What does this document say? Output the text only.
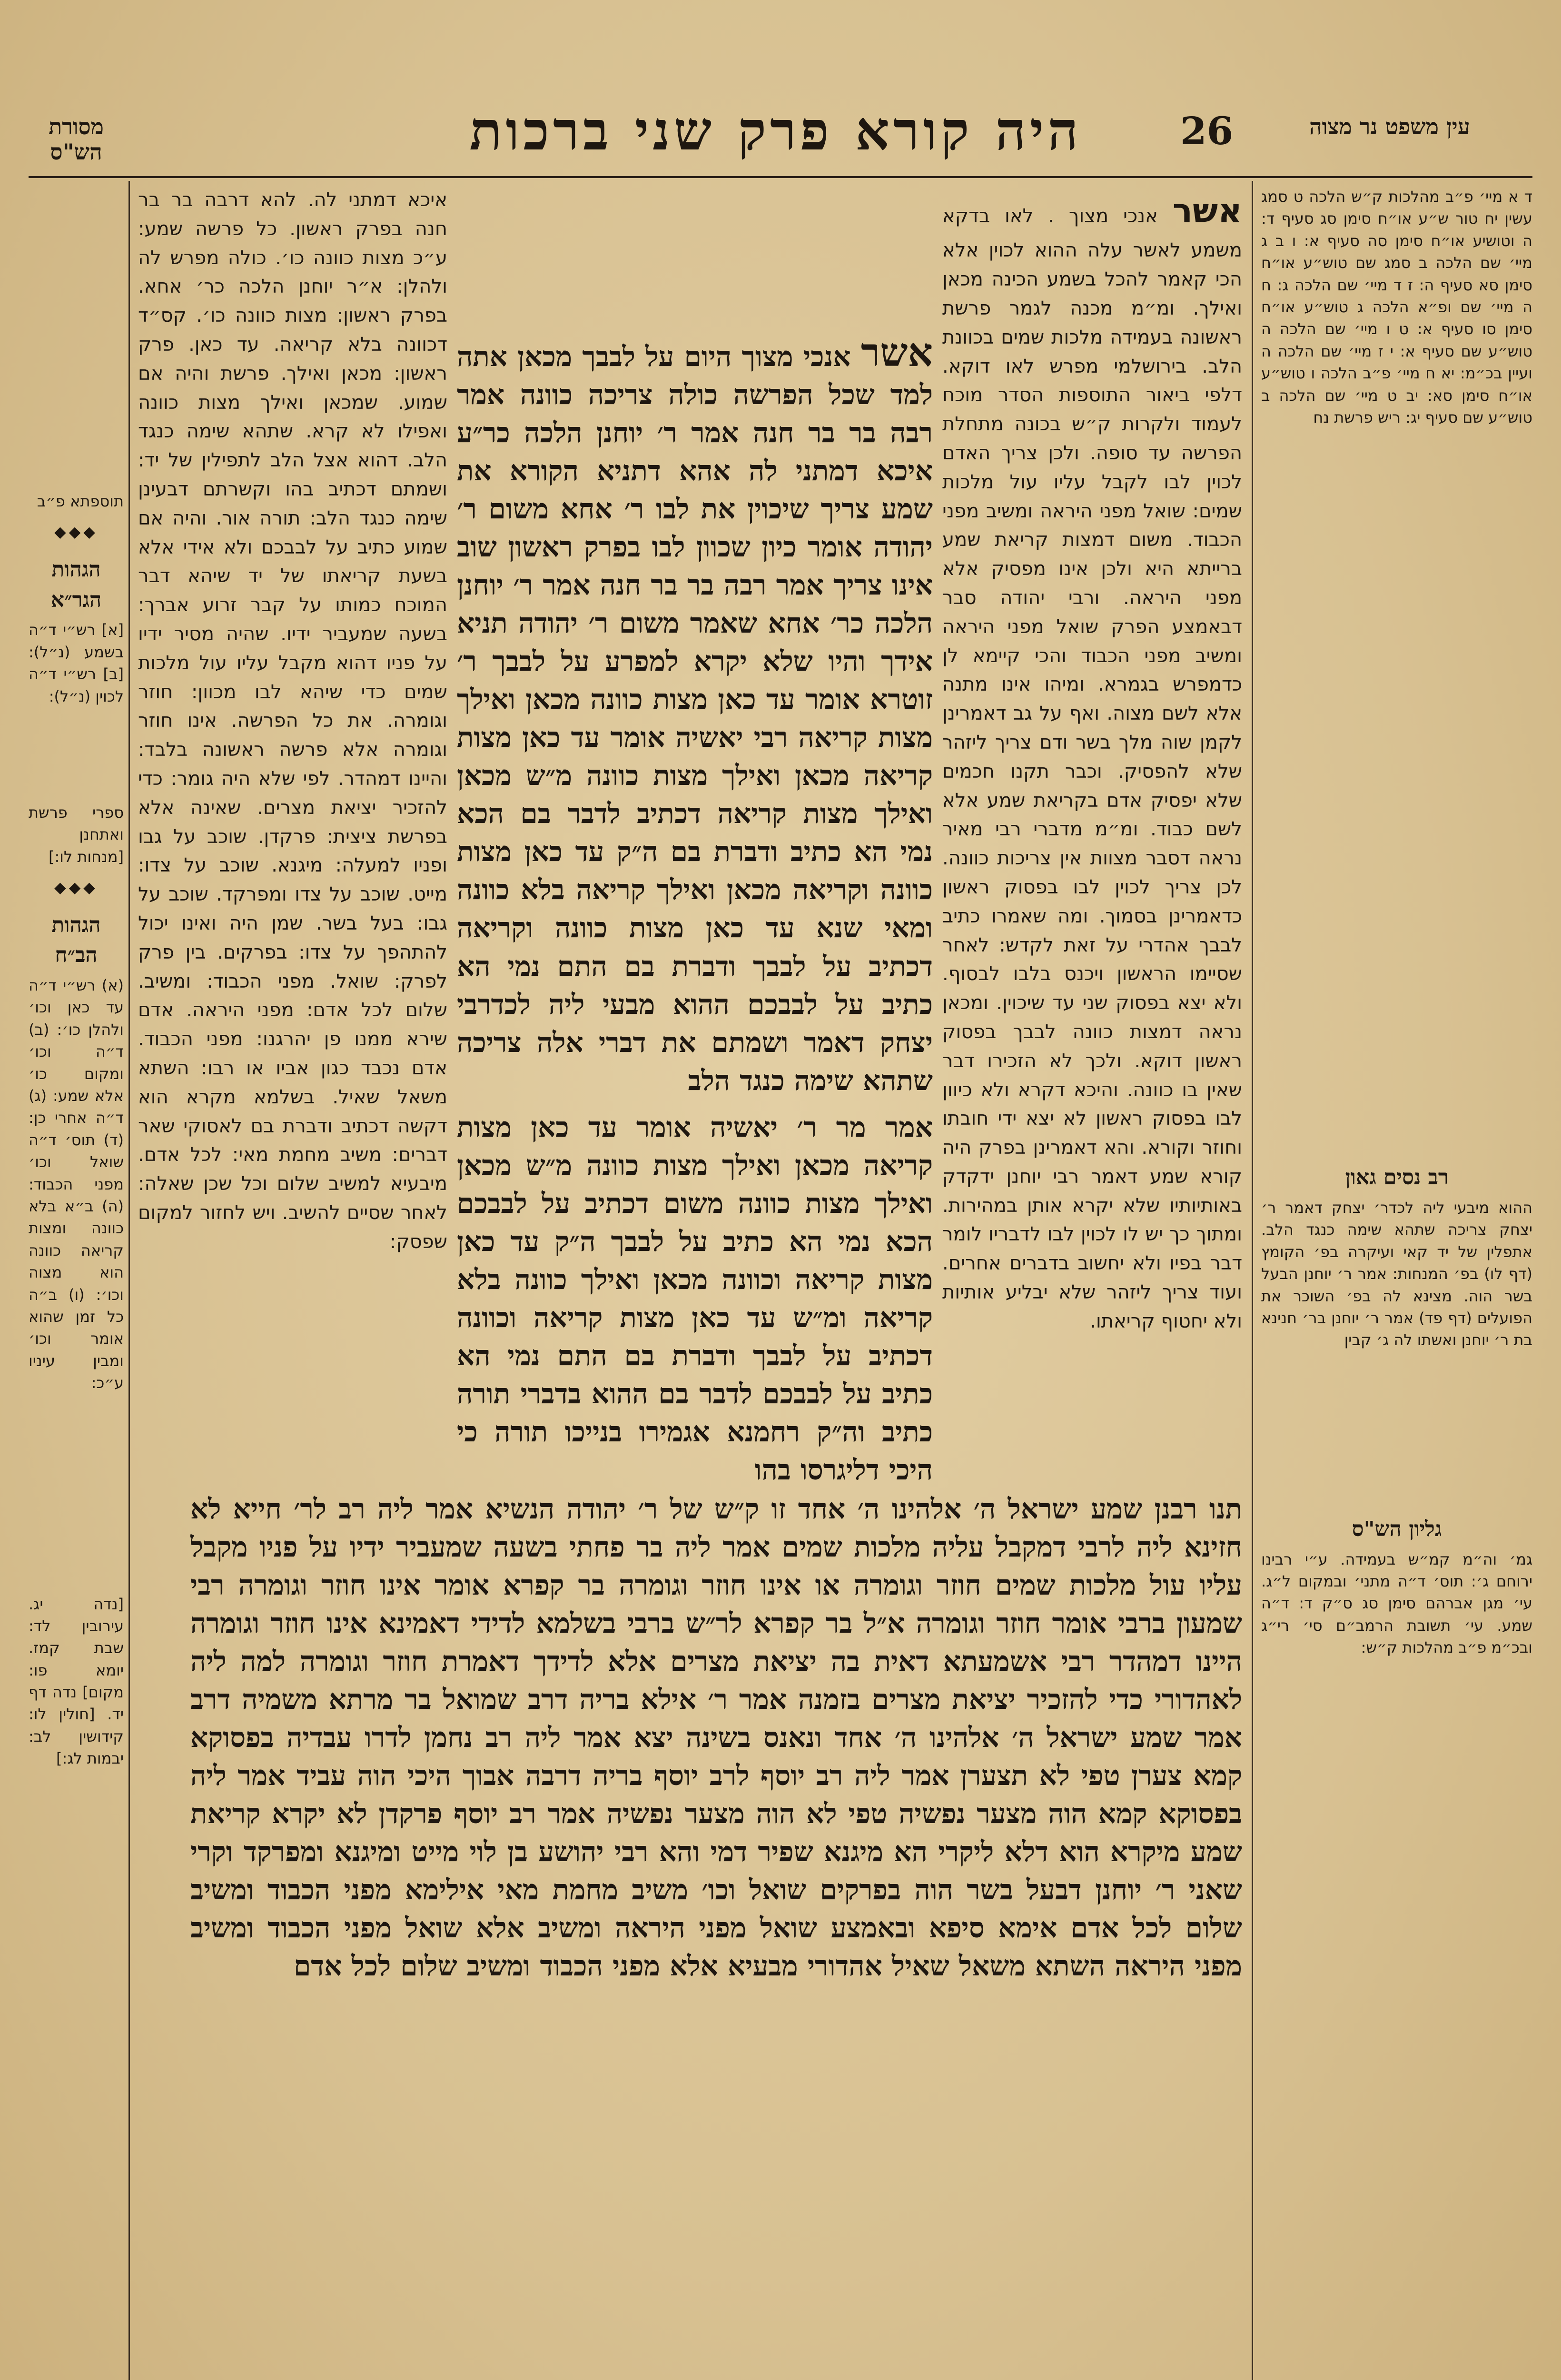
מסורת הש"ס	היה קורא פרק שני ברכות	26	עין משפט נר מצוה

ד א מיי׳ פ״ב מהלכות ק״ש הלכה ט סמג עשין יח טור ש״ע או״ח סימן סג סעיף ד: ה וטושיע או״ח סימן סה סעיף א: ו ב ג מיי׳ שם הלכה ב סמג שם טוש״ע או״ח סימן סא סעיף ה: ז ד מיי׳ שם הלכה ג: ח ה מיי׳ שם ופ״א הלכה ג טוש״ע או״ח סימן סו סעיף א: ט ו מיי׳ שם הלכה ה טוש״ע שם סעיף א: י ז מיי׳ שם הלכה ה ועיין בכ״מ: יא ח מיי׳ פ״ב הלכה ו טוש״ע או״ח סימן סא: יב ט מיי׳ שם הלכה ב טוש״ע שם סעיף יג: ריש פרשת נח

רב נסים גאון

ההוא מיבעי ליה לכדר׳ יצחק דאמר ר׳ יצחק צריכה שתהא שימה כנגד הלב. אתפלין של יד קאי ועיקרה בפ׳ הקומץ (דף לו) בפ׳ המנחות: אמר ר׳ יוחנן הבעל בשר הוה. מצינא לה בפ׳ השוכר את הפועלים (דף פד) אמר ר׳ יוחנן בר׳ חנינא בת ר׳ יוחנן ואשתו לה ג׳ קבין

גליון הש"ס

גמ׳ וה״מ קמ״ש בעמידה. ע״י רבינו ירוחם ג׳: תוס׳ ד״ה מתני׳ ובמקום ל״ג. עי׳ מגן אברהם סימן סג ס״ק ד: ד״ה שמע. עי׳ תשובת הרמב״ם סי׳ רי״ג ובכ״מ פ״ב מהלכות ק״ש:

אשר אנכי מצוך . לאו בדקא משמע לאשר עלה ההוא לכוין אלא הכי קאמר להכל בשמע הכינה מכאן ואילך. ומ״מ מכנה לגמר פרשת ראשונה בעמידה מלכות שמים בכוונת הלב. בירושלמי מפרש לאו דוקא. דלפי ביאור התוספות הסדר מוכח לעמוד ולקרות ק״ש בכונה מתחלת הפרשה עד סופה. ולכן צריך האדם לכוין לבו לקבל עליו עול מלכות שמים: שואל מפני היראה ומשיב מפני הכבוד. משום דמצות קריאת שמע ברייתא היא ולכן אינו מפסיק אלא מפני היראה. ורבי יהודה סבר דבאמצע הפרק שואל מפני היראה ומשיב מפני הכבוד והכי קיימא לן כדמפרש בגמרא. ומיהו אינו מתנה אלא לשם מצוה. ואף על גב דאמרינן לקמן שוה מלך בשר ודם צריך ליזהר שלא להפסיק. וכבר תקנו חכמים שלא יפסיק אדם בקריאת שמע אלא לשם כבוד. ומ״מ מדברי רבי מאיר נראה דסבר מצוות אין צריכות כוונה. לכן צריך לכוין לבו בפסוק ראשון כדאמרינן בסמוך. ומה שאמרו כתיב לבבך אהדרי על זאת לקדש: לאחר שסיימו הראשון ויכנס בלבו לבסוף. ולא יצא בפסוק שני עד שיכוין. ומכאן נראה דמצות כוונה לבבך בפסוק ראשון דוקא. ולכך לא הזכירו דבר שאין בו כוונה. והיכא דקרא ולא כיוון לבו בפסוק ראשון לא יצא ידי חובתו וחוזר וקורא. והא דאמרינן בפרק היה קורא שמע דאמר רבי יוחנן ידקדק באותיותיו שלא יקרא אותן במהירות. ומתוך כך יש לו לכוין לבו לדבריו לומר דבר בפיו ולא יחשוב בדברים אחרים. ועוד צריך ליזהר שלא יבליע אותיות ולא יחטוף קריאתו.

אשר אנכי מצוך היום על לבבך מכאן אתה למד שכל הפרשה כולה צריכה כוונה אמר רבה בר בר חנה אמר ר׳ יוחנן הלכה כר״ע איכא דמתני לה אהא דתניא הקורא את שמע צריך שיכוין את לבו ר׳ אחא משום ר׳ יהודה אומר כיון שכוון לבו בפרק ראשון שוב אינו צריך אמר רבה בר בר חנה אמר ר׳ יוחנן הלכה כר׳ אחא שאמר משום ר׳ יהודה תניא אידך והיו שלא יקרא למפרע על לבבך ר׳ זוטרא אומר עד כאן מצות כוונה מכאן ואילך מצות קריאה רבי יאשיה אומר עד כאן מצות קריאה מכאן ואילך מצות כוונה מ״ש מכאן ואילך מצות קריאה דכתיב לדבר בם הכא נמי הא כתיב ודברת בם ה״ק עד כאן מצות כוונה וקריאה מכאן ואילך קריאה בלא כוונה ומאי שנא עד כאן מצות כוונה וקריאה דכתיב על לבבך ודברת בם התם נמי הא כתיב על לבבכם ההוא מבעי ליה לכדרבי יצחק דאמר ושמתם את דברי אלה צריכה שתהא שימה כנגד הלב

אמר מר ר׳ יאשיה אומר עד כאן מצות קריאה מכאן ואילך מצות כוונה מ״ש מכאן ואילך מצות כוונה משום דכתיב על לבבכם הכא נמי הא כתיב על לבבך ה״ק עד כאן מצות קריאה וכוונה מכאן ואילך כוונה בלא קריאה ומ״ש עד כאן מצות קריאה וכוונה דכתיב על לבבך ודברת בם התם נמי הא כתיב על לבבכם לדבר בם ההוא בדברי תורה כתיב וה״ק רחמנא אגמירו בנייכו תורה כי היכי דליגרסו בהו

איכא דמתני לה. להא דרבה בר בר חנה בפרק ראשון. כל פרשה שמע: ע״כ מצות כוונה כו׳. כולה מפרש לה ולהלן: א״ר יוחנן הלכה כר׳ אחא. בפרק ראשון: מצות כוונה כו׳. קס״ד דכוונה בלא קריאה. עד כאן. פרק ראשון: מכאן ואילך. פרשת והיה אם שמוע. שמכאן ואילך מצות כוונה ואפילו לא קרא. שתהא שימה כנגד הלב. דהוא אצל הלב לתפילין של יד: ושמתם דכתיב בהו וקשרתם דבעינן שימה כנגד הלב: תורה אור. והיה אם שמוע כתיב על לבבכם ולא אידי אלא בשעת קריאתו של יד שיהא דבר המוכח כמותו על קבר זרוע אברך: בשעה שמעביר ידיו. שהיה מסיר ידיו על פניו דהוא מקבל עליו עול מלכות שמים כדי שיהא לבו מכוון: חוזר וגומרה. את כל הפרשה. אינו חוזר וגומרה אלא פרשה ראשונה בלבד: והיינו דמהדר. לפי שלא היה גומר: כדי להזכיר יציאת מצרים. שאינה אלא בפרשת ציצית: פרקדן. שוכב על גבו ופניו למעלה: מיגנא. שוכב על צדו: מייט. שוכב על צדו ומפרקד. שוכב על גבו: בעל בשר. שמן היה ואינו יכול להתהפך על צדו: בפרקים. בין פרק לפרק: שואל. מפני הכבוד: ומשיב. שלום לכל אדם: מפני היראה. אדם שירא ממנו פן יהרגנו: מפני הכבוד. אדם נכבד כגון אביו או רבו: השתא משאל שאיל. בשלמא מקרא הוא דקשה דכתיב ודברת בם לאסוקי שאר דברים: משיב מחמת מאי: לכל אדם. מיבעיא למשיב שלום וכל שכן שאלה: לאחר שסיים להשיב. ויש לחזור למקום שפסק:

תנו רבנן שמע ישראל ה׳ אלהינו ה׳ אחד זו ק״ש של ר׳ יהודה הנשיא אמר ליה רב לר׳ חייא לא חזינא ליה לרבי דמקבל עליה מלכות שמים אמר ליה בר פחתי בשעה שמעביר ידיו על פניו מקבל עליו עול מלכות שמים חוזר וגומרה או אינו חוזר וגומרה בר קפרא אומר אינו חוזר וגומרה רבי שמעון ברבי אומר חוזר וגומרה א״ל בר קפרא לר״ש ברבי בשלמא לדידי דאמינא אינו חוזר וגומרה היינו דמהדר רבי אשמעתא דאית בה יציאת מצרים אלא לדידך דאמרת חוזר וגומרה למה ליה לאהדורי כדי להזכיר יציאת מצרים בזמנה אמר ר׳ אילא בריה דרב שמואל בר מרתא משמיה דרב אמר שמע ישראל ה׳ אלהינו ה׳ אחד ונאנס בשינה יצא אמר ליה רב נחמן לדרו עבדיה בפסוקא קמא צערן טפי לא תצערן אמר ליה רב יוסף לרב יוסף בריה דרבה אבוך היכי הוה עביד אמר ליה בפסוקא קמא הוה מצער נפשיה טפי לא הוה מצער נפשיה אמר רב יוסף פרקדן לא יקרא קריאת שמע מיקרא הוא דלא ליקרי הא מיגנא שפיר דמי והא רבי יהושע בן לוי מייט ומיגנא ומפרקד וקרי שאני ר׳ יוחנן דבעל בשר הוה בפרקים שואל וכו׳ משיב מחמת מאי אילימא מפני הכבוד ומשיב שלום לכל אדם אימא סיפא ובאמצע שואל מפני היראה ומשיב אלא שואל מפני הכבוד ומשיב מפני היראה השתא משאל שאיל אהדורי מבעיא אלא מפני הכבוד ומשיב שלום לכל אדם

תוספתא פ״ב

◆◆◆
הגהות הגר״א

[א] רש״י ד״ה בשמע (נ״ל): [ב] רש״י ד״ה לכוין (נ״ל):

ספרי פרשת ואתחנן [מנחות לו:]

◆◆◆
הגהות הב״ח

(א) רש״י ד״ה עד כאן וכו׳ ולהלן כו׳: (ב) ד״ה וכו׳ ומקום כו׳ אלא שמע: (ג) ד״ה אחרי כן: (ד) תוס׳ ד״ה שואל וכו׳ מפני הכבוד: (ה) ב״א בלא כוונה ומצות קריאה כוונה הוא מצוה וכו׳: (ו) ב״ה כל זמן שהוא אומר וכו׳ ומבין עיניו ע״כ:

[נדה יג. עירובין לד: שבת קמז. יומא פו: מקום] נדה דף יד. [חולין לו: קידושין לב: יבמות לג:]
